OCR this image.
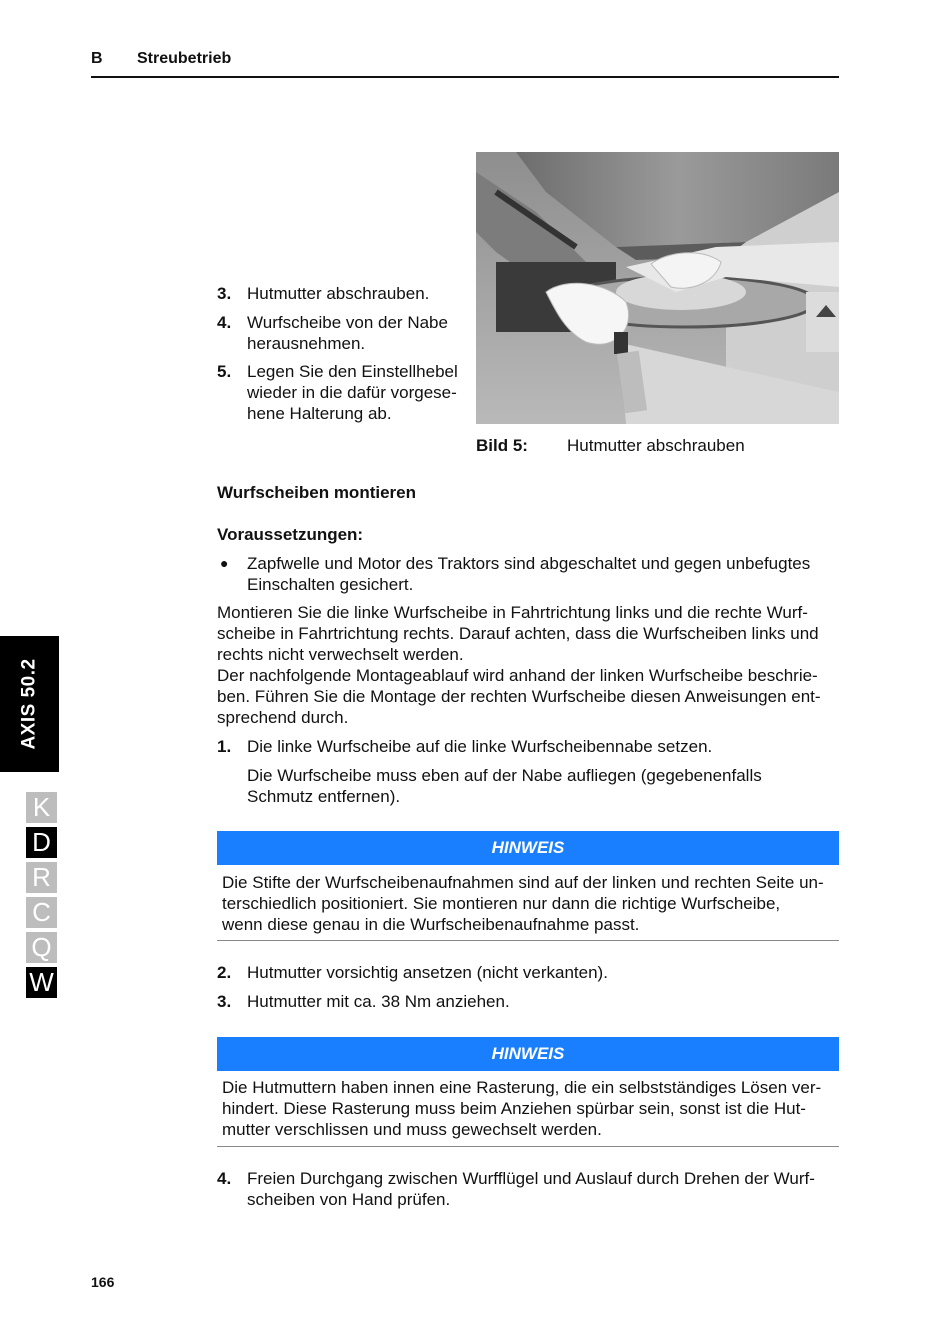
B Streubetrieb
AXIS 50.2
K
D
R
C
Q
W
3. Hutmutter abschrauben.
4. Wurfscheibe von der Nabe
herausnehmen.
5. Legen Sie den Einstellhebel
wieder in die dafür vorgese-
hene Halterung ab.
Bild 5: Hutmutter abschrauben
Wurfscheiben montieren
Voraussetzungen:
● Zapfwelle und Motor des Traktors sind abgeschaltet und gegen unbefugtes
Einschalten gesichert.
Montieren Sie die linke Wurfscheibe in Fahrtrichtung links und die rechte Wurf-
scheibe in Fahrtrichtung rechts. Darauf achten, dass die Wurfscheiben links und
rechts nicht verwechselt werden.
Der nachfolgende Montageablauf wird anhand der linken Wurfscheibe beschrie-
ben. Führen Sie die Montage der rechten Wurfscheibe diesen Anweisungen ent-
sprechend durch.
1. Die linke Wurfscheibe auf die linke Wurfscheibennabe setzen.
Die Wurfscheibe muss eben auf der Nabe aufliegen (gegebenenfalls
Schmutz entfernen).
HINWEIS
Die Stifte der Wurfscheibenaufnahmen sind auf der linken und rechten Seite un-
terschiedlich positioniert. Sie montieren nur dann die richtige Wurfscheibe,
wenn diese genau in die Wurfscheibenaufnahme passt.
2. Hutmutter vorsichtig ansetzen (nicht verkanten).
3. Hutmutter mit ca. 38 Nm anziehen.
HINWEIS
Die Hutmuttern haben innen eine Rasterung, die ein selbstständiges Lösen ver-
hindert. Diese Rasterung muss beim Anziehen spürbar sein, sonst ist die Hut-
mutter verschlissen und muss gewechselt werden.
4. Freien Durchgang zwischen Wurfflügel und Auslauf durch Drehen der Wurf-
scheiben von Hand prüfen.
166
